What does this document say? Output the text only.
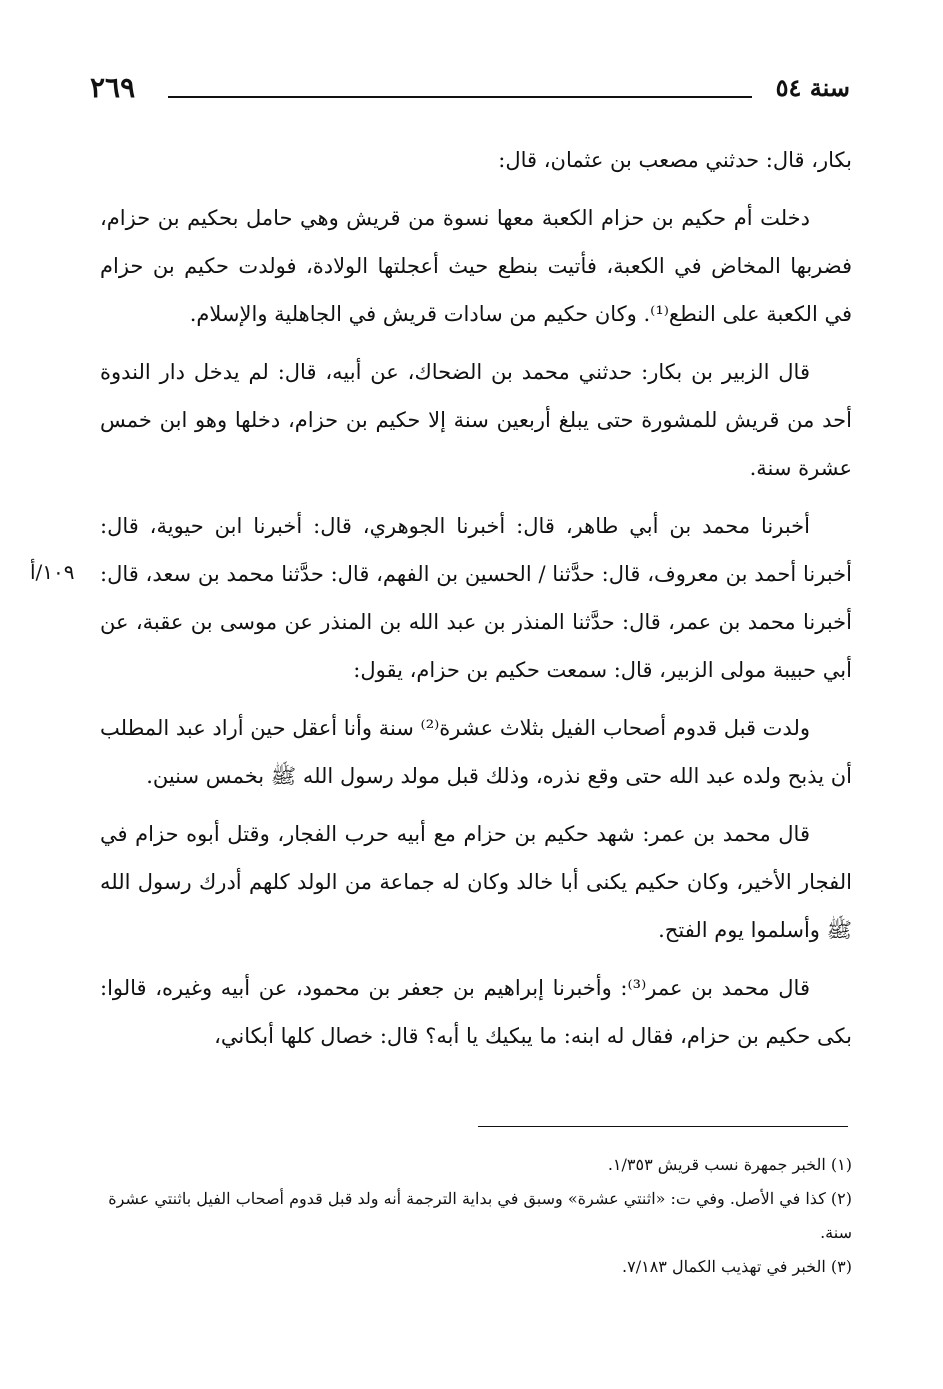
٢٦٩	سنة ٥٤
١٠٩/أ

بكار، قال: حدثني مصعب بن عثمان، قال:

دخلت أم حكيم بن حزام الكعبة معها نسوة من قريش وهي حامل بحكيم بن حزام، فضربها المخاض في الكعبة، فأتيت بنطع حيث أعجلتها الولادة، فولدت حكيم بن حزام في الكعبة على النطع⁽¹⁾. وكان حكيم من سادات قريش في الجاهلية والإسلام.

قال الزبير بن بكار: حدثني محمد بن الضحاك، عن أبيه، قال: لم يدخل دار الندوة أحد من قريش للمشورة حتى يبلغ أربعين سنة إلا حكيم بن حزام، دخلها وهو ابن خمس عشرة سنة.

أخبرنا محمد بن أبي طاهر، قال: أخبرنا الجوهري، قال: أخبرنا ابن حيوية، قال: أخبرنا أحمد بن معروف، قال: حدَّثنا / الحسين بن الفهم، قال: حدَّثنا محمد بن سعد، قال: أخبرنا محمد بن عمر، قال: حدَّثنا المنذر بن عبد الله بن المنذر عن موسى بن عقبة، عن أبي حبيبة مولى الزبير، قال: سمعت حكيم بن حزام، يقول:

ولدت قبل قدوم أصحاب الفيل بثلاث عشرة⁽²⁾ سنة وأنا أعقل حين أراد عبد المطلب أن يذبح ولده عبد الله حتى وقع نذره، وذلك قبل مولد رسول الله ﷺ بخمس سنين.

قال محمد بن عمر: شهد حكيم بن حزام مع أبيه حرب الفجار، وقتل أبوه حزام في الفجار الأخير، وكان حكيم يكنى أبا خالد وكان له جماعة من الولد كلهم أدرك رسول الله ﷺ وأسلموا يوم الفتح.

قال محمد بن عمر⁽³⁾: وأخبرنا إبراهيم بن جعفر بن محمود، عن أبيه وغيره، قالوا: بكى حكيم بن حزام، فقال له ابنه: ما يبكيك يا أبه؟ قال: خصال كلها أبكاني،

(١) الخبر جمهرة نسب قريش ١/٣٥٣.

(٢) كذا في الأصل. وفي ت: «اثنتي عشرة» وسبق في بداية الترجمة أنه ولد قبل قدوم أصحاب الفيل باثنتي عشرة سنة.

(٣) الخبر في تهذيب الكمال ٧/١٨٣.
